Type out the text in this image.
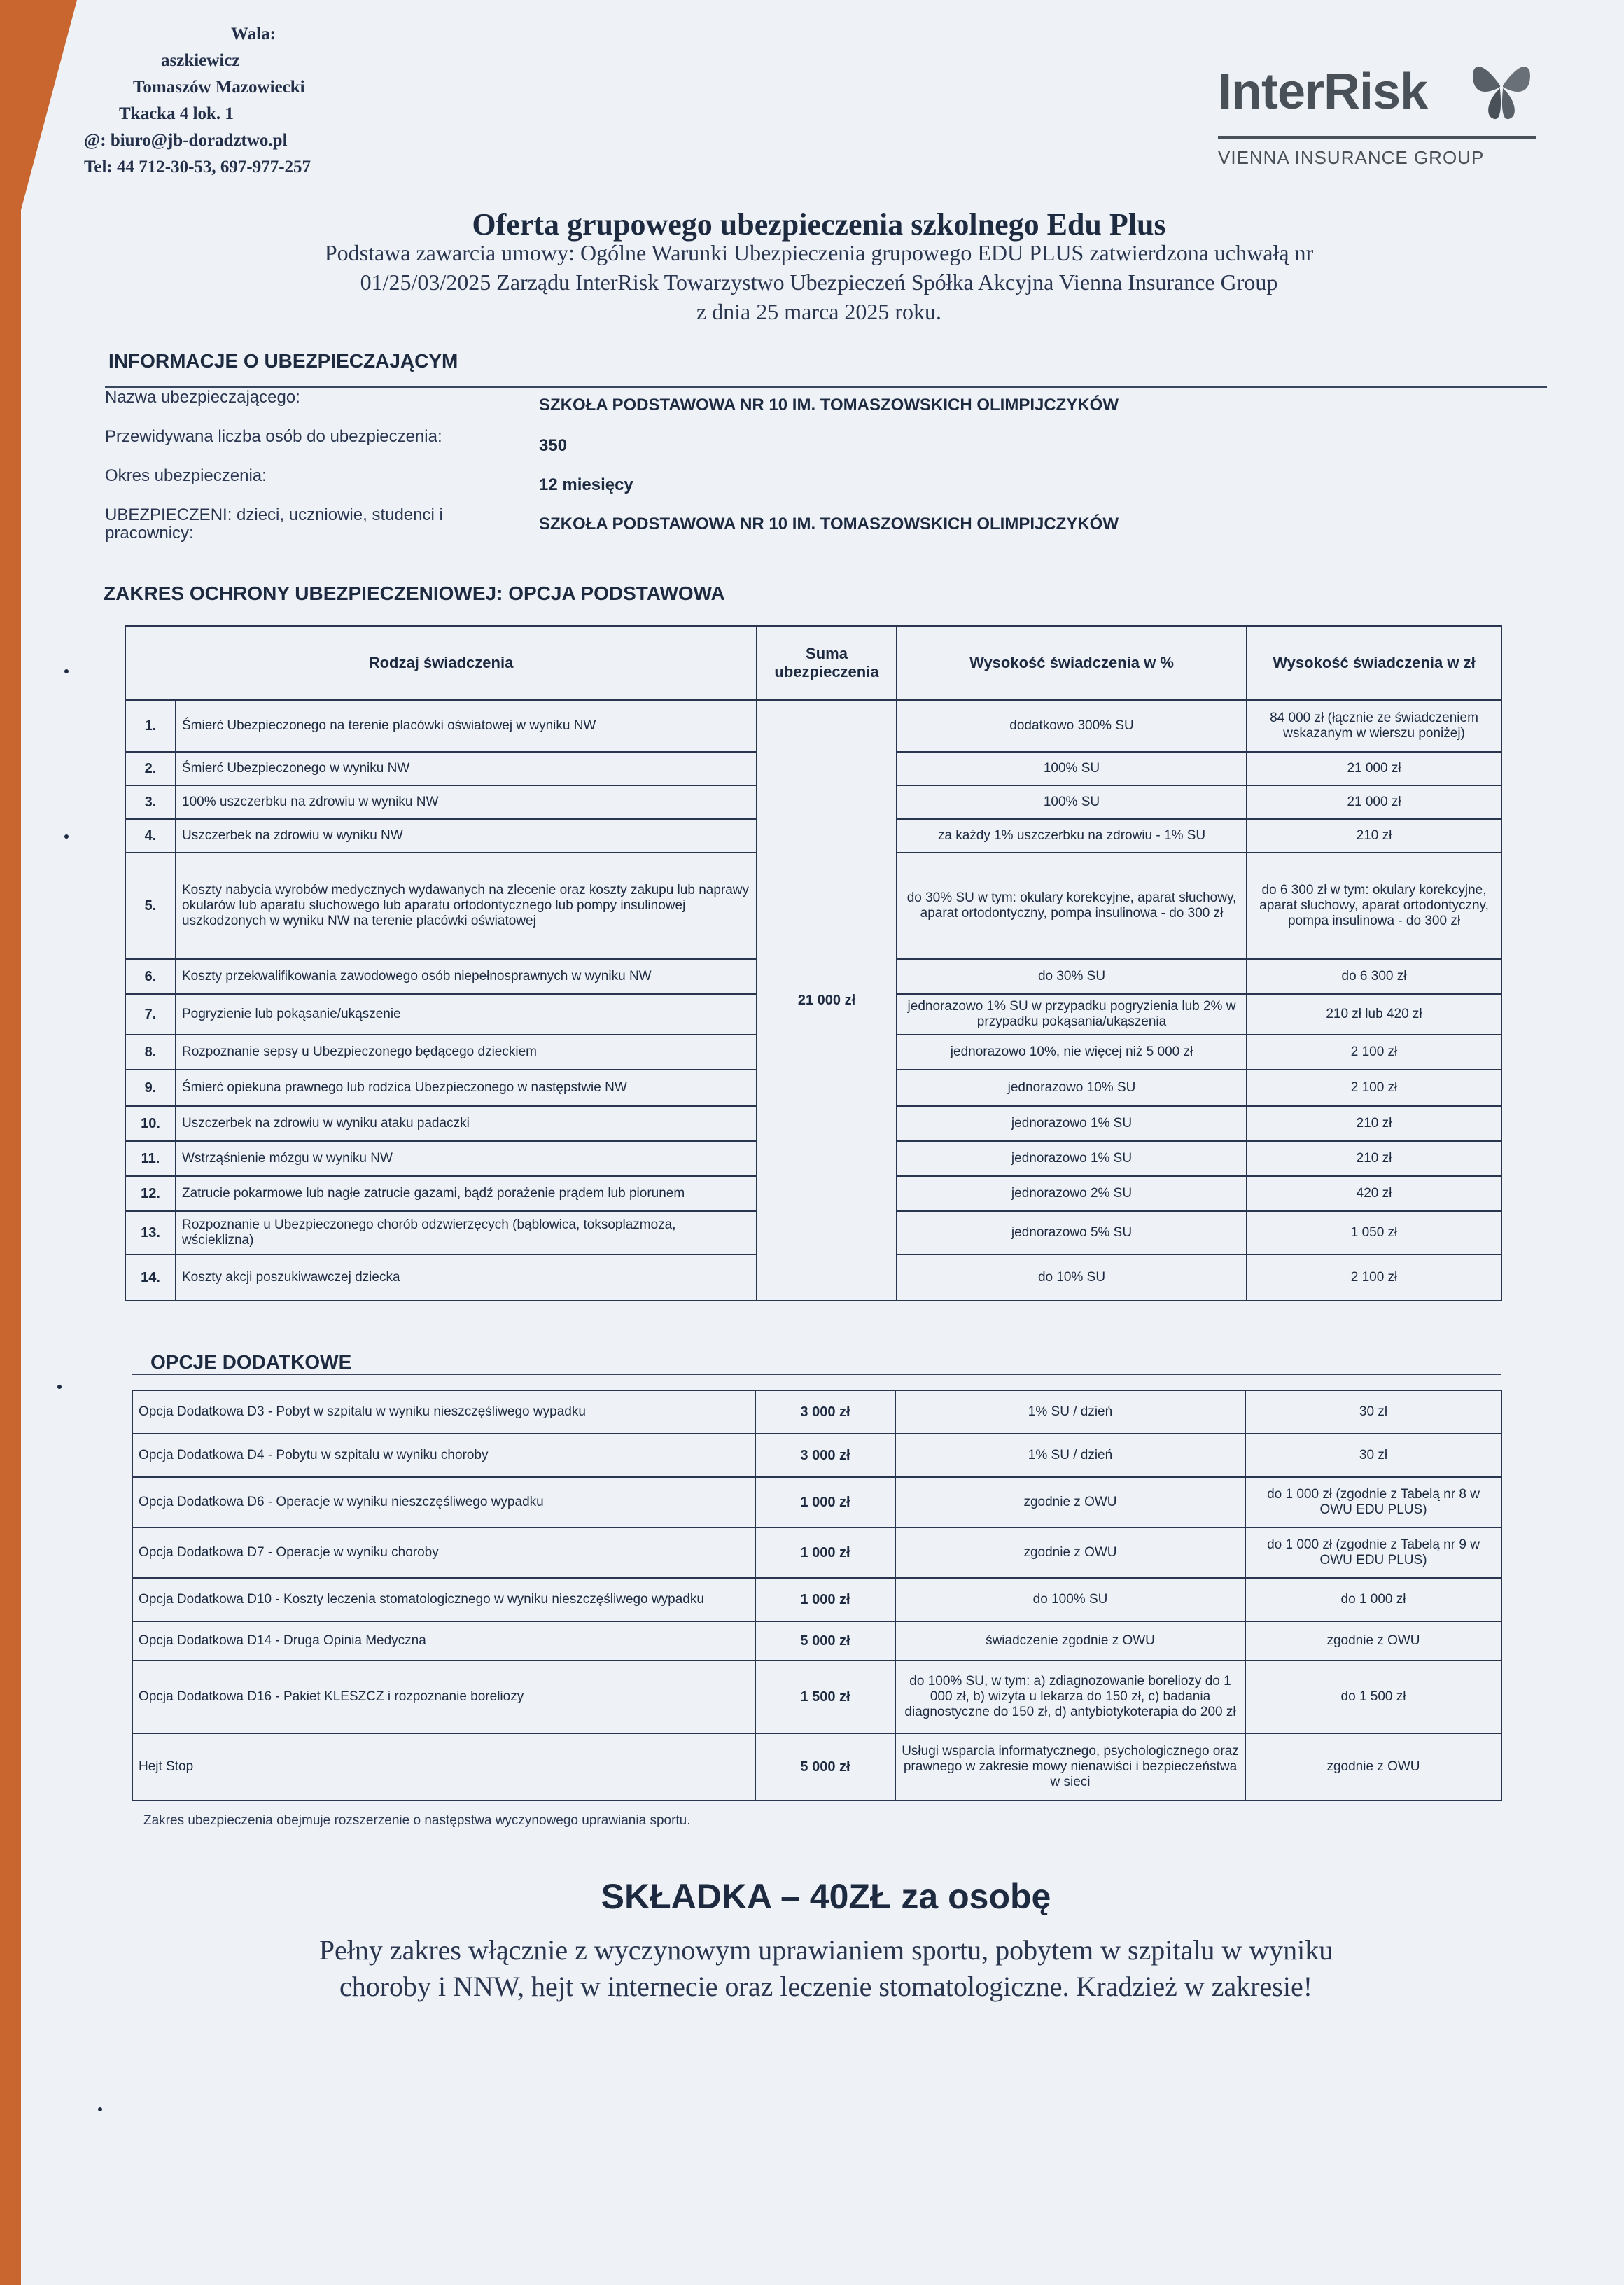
Wala:
aszkiewicz
Tomaszów Mazowiecki
Tkacka 4 lok. 1
@: biuro@jb-doradztwo.pl
Tel: 44 712-30-53, 697-977-257
InterRisk
VIENNA INSURANCE GROUP
Oferta grupowego ubezpieczenia szkolnego Edu Plus
Podstawa zawarcia umowy: Ogólne Warunki Ubezpieczenia grupowego EDU PLUS zatwierdzona uchwałą nr
01/25/03/2025 Zarządu InterRisk Towarzystwo Ubezpieczeń Spółka Akcyjna Vienna Insurance Group
z dnia 25 marca 2025 roku.
INFORMACJE O UBEZPIECZAJĄCYM
Nazwa ubezpieczającego:	SZKOŁA PODSTAWOWA NR 10 IM. TOMASZOWSKICH OLIMPIJCZYKÓW
Przewidywana liczba osób do ubezpieczenia:	350
Okres ubezpieczenia:	12 miesięcy
UBEZPIECZENI: dzieci, uczniowie, studenci i pracownicy:	SZKOŁA PODSTAWOWA NR 10 IM. TOMASZOWSKICH OLIMPIJCZYKÓW
ZAKRES OCHRONY UBEZPIECZENIOWEJ: OPCJA PODSTAWOWA
Rodzaj świadczenia		Suma ubezpieczenia	Wysokość świadczenia w %	Wysokość świadczenia w zł
1.	Śmierć Ubezpieczonego na terenie placówki oświatowej w wyniku NW	21 000 zł	dodatkowo 300% SU	84 000 zł (łącznie ze świadczeniem wskazanym w wierszu poniżej)
2.	Śmierć Ubezpieczonego w wyniku NW		100% SU	21 000 zł
3.	100% uszczerbku na zdrowiu w wyniku NW		100% SU	21 000 zł
4.	Uszczerbek na zdrowiu w wyniku NW		za każdy 1% uszczerbku na zdrowiu - 1% SU	210 zł
5.	Koszty nabycia wyrobów medycznych wydawanych na zlecenie oraz koszty zakupu lub naprawy okularów lub aparatu słuchowego lub aparatu ortodontycznego lub pompy insulinowej uszkodzonych w wyniku NW na terenie placówki oświatowej		do 30% SU w tym: okulary korekcyjne, aparat słuchowy, aparat ortodontyczny, pompa insulinowa - do 300 zł	do 6 300 zł w tym: okulary korekcyjne, aparat słuchowy, aparat ortodontyczny, pompa insulinowa - do 300 zł
6.	Koszty przekwalifikowania zawodowego osób niepełnosprawnych w wyniku NW		do 30% SU	do 6 300 zł
7.	Pogryzienie lub pokąsanie/ukąszenie		jednorazowo 1% SU w przypadku pogryzienia lub 2% w przypadku pokąsania/ukąszenia	210 zł lub 420 zł
8.	Rozpoznanie sepsy u Ubezpieczonego będącego dzieckiem		jednorazowo 10%, nie więcej niż 5 000 zł	2 100 zł
9.	Śmierć opiekuna prawnego lub rodzica Ubezpieczonego w następstwie NW		jednorazowo 10% SU	2 100 zł
10.	Uszczerbek na zdrowiu w wyniku ataku padaczki		jednorazowo 1% SU	210 zł
11.	Wstrząśnienie mózgu w wyniku NW		jednorazowo 1% SU	210 zł
12.	Zatrucie pokarmowe lub nagłe zatrucie gazami, bądź porażenie prądem lub piorunem		jednorazowo 2% SU	420 zł
13.	Rozpoznanie u Ubezpieczonego chorób odzwierzęcych (bąblowica, toksoplazmoza, wścieklizna)		jednorazowo 5% SU	1 050 zł
14.	Koszty akcji poszukiwawczej dziecka		do 10% SU	2 100 zł
OPCJE DODATKOWE
Opcja Dodatkowa D3 - Pobyt w szpitalu w wyniku nieszczęśliwego wypadku	3 000 zł	1% SU / dzień	30 zł
Opcja Dodatkowa D4 - Pobytu w szpitalu w wyniku choroby	3 000 zł	1% SU / dzień	30 zł
Opcja Dodatkowa D6 - Operacje w wyniku nieszczęśliwego wypadku	1 000 zł	zgodnie z OWU	do 1 000 zł (zgodnie z Tabelą nr 8 w OWU EDU PLUS)
Opcja Dodatkowa D7 - Operacje w wyniku choroby	1 000 zł	zgodnie z OWU	do 1 000 zł (zgodnie z Tabelą nr 9 w OWU EDU PLUS)
Opcja Dodatkowa D10 - Koszty leczenia stomatologicznego w wyniku nieszczęśliwego wypadku	1 000 zł	do 100% SU	do 1 000 zł
Opcja Dodatkowa D14 - Druga Opinia Medyczna	5 000 zł	świadczenie zgodnie z OWU	zgodnie z OWU
Opcja Dodatkowa D16 - Pakiet KLESZCZ i rozpoznanie boreliozy	1 500 zł	do 100% SU, w tym: a) zdiagnozowanie boreliozy do 1 000 zł, b) wizyta u lekarza do 150 zł, c) badania diagnostyczne do 150 zł, d) antybiotykoterapia do 200 zł	do 1 500 zł
Hejt Stop	5 000 zł	Usługi wsparcia informatycznego, psychologicznego oraz prawnego w zakresie mowy nienawiści i bezpieczeństwa w sieci	zgodnie z OWU
Zakres ubezpieczenia obejmuje rozszerzenie o następstwa wyczynowego uprawiania sportu.
SKŁADKA – 40ZŁ za osobę
Pełny zakres włącznie z wyczynowym uprawianiem sportu, pobytem w szpitalu w wyniku
choroby i NNW, hejt w internecie oraz leczenie stomatologiczne. Kradzież w zakresie!
